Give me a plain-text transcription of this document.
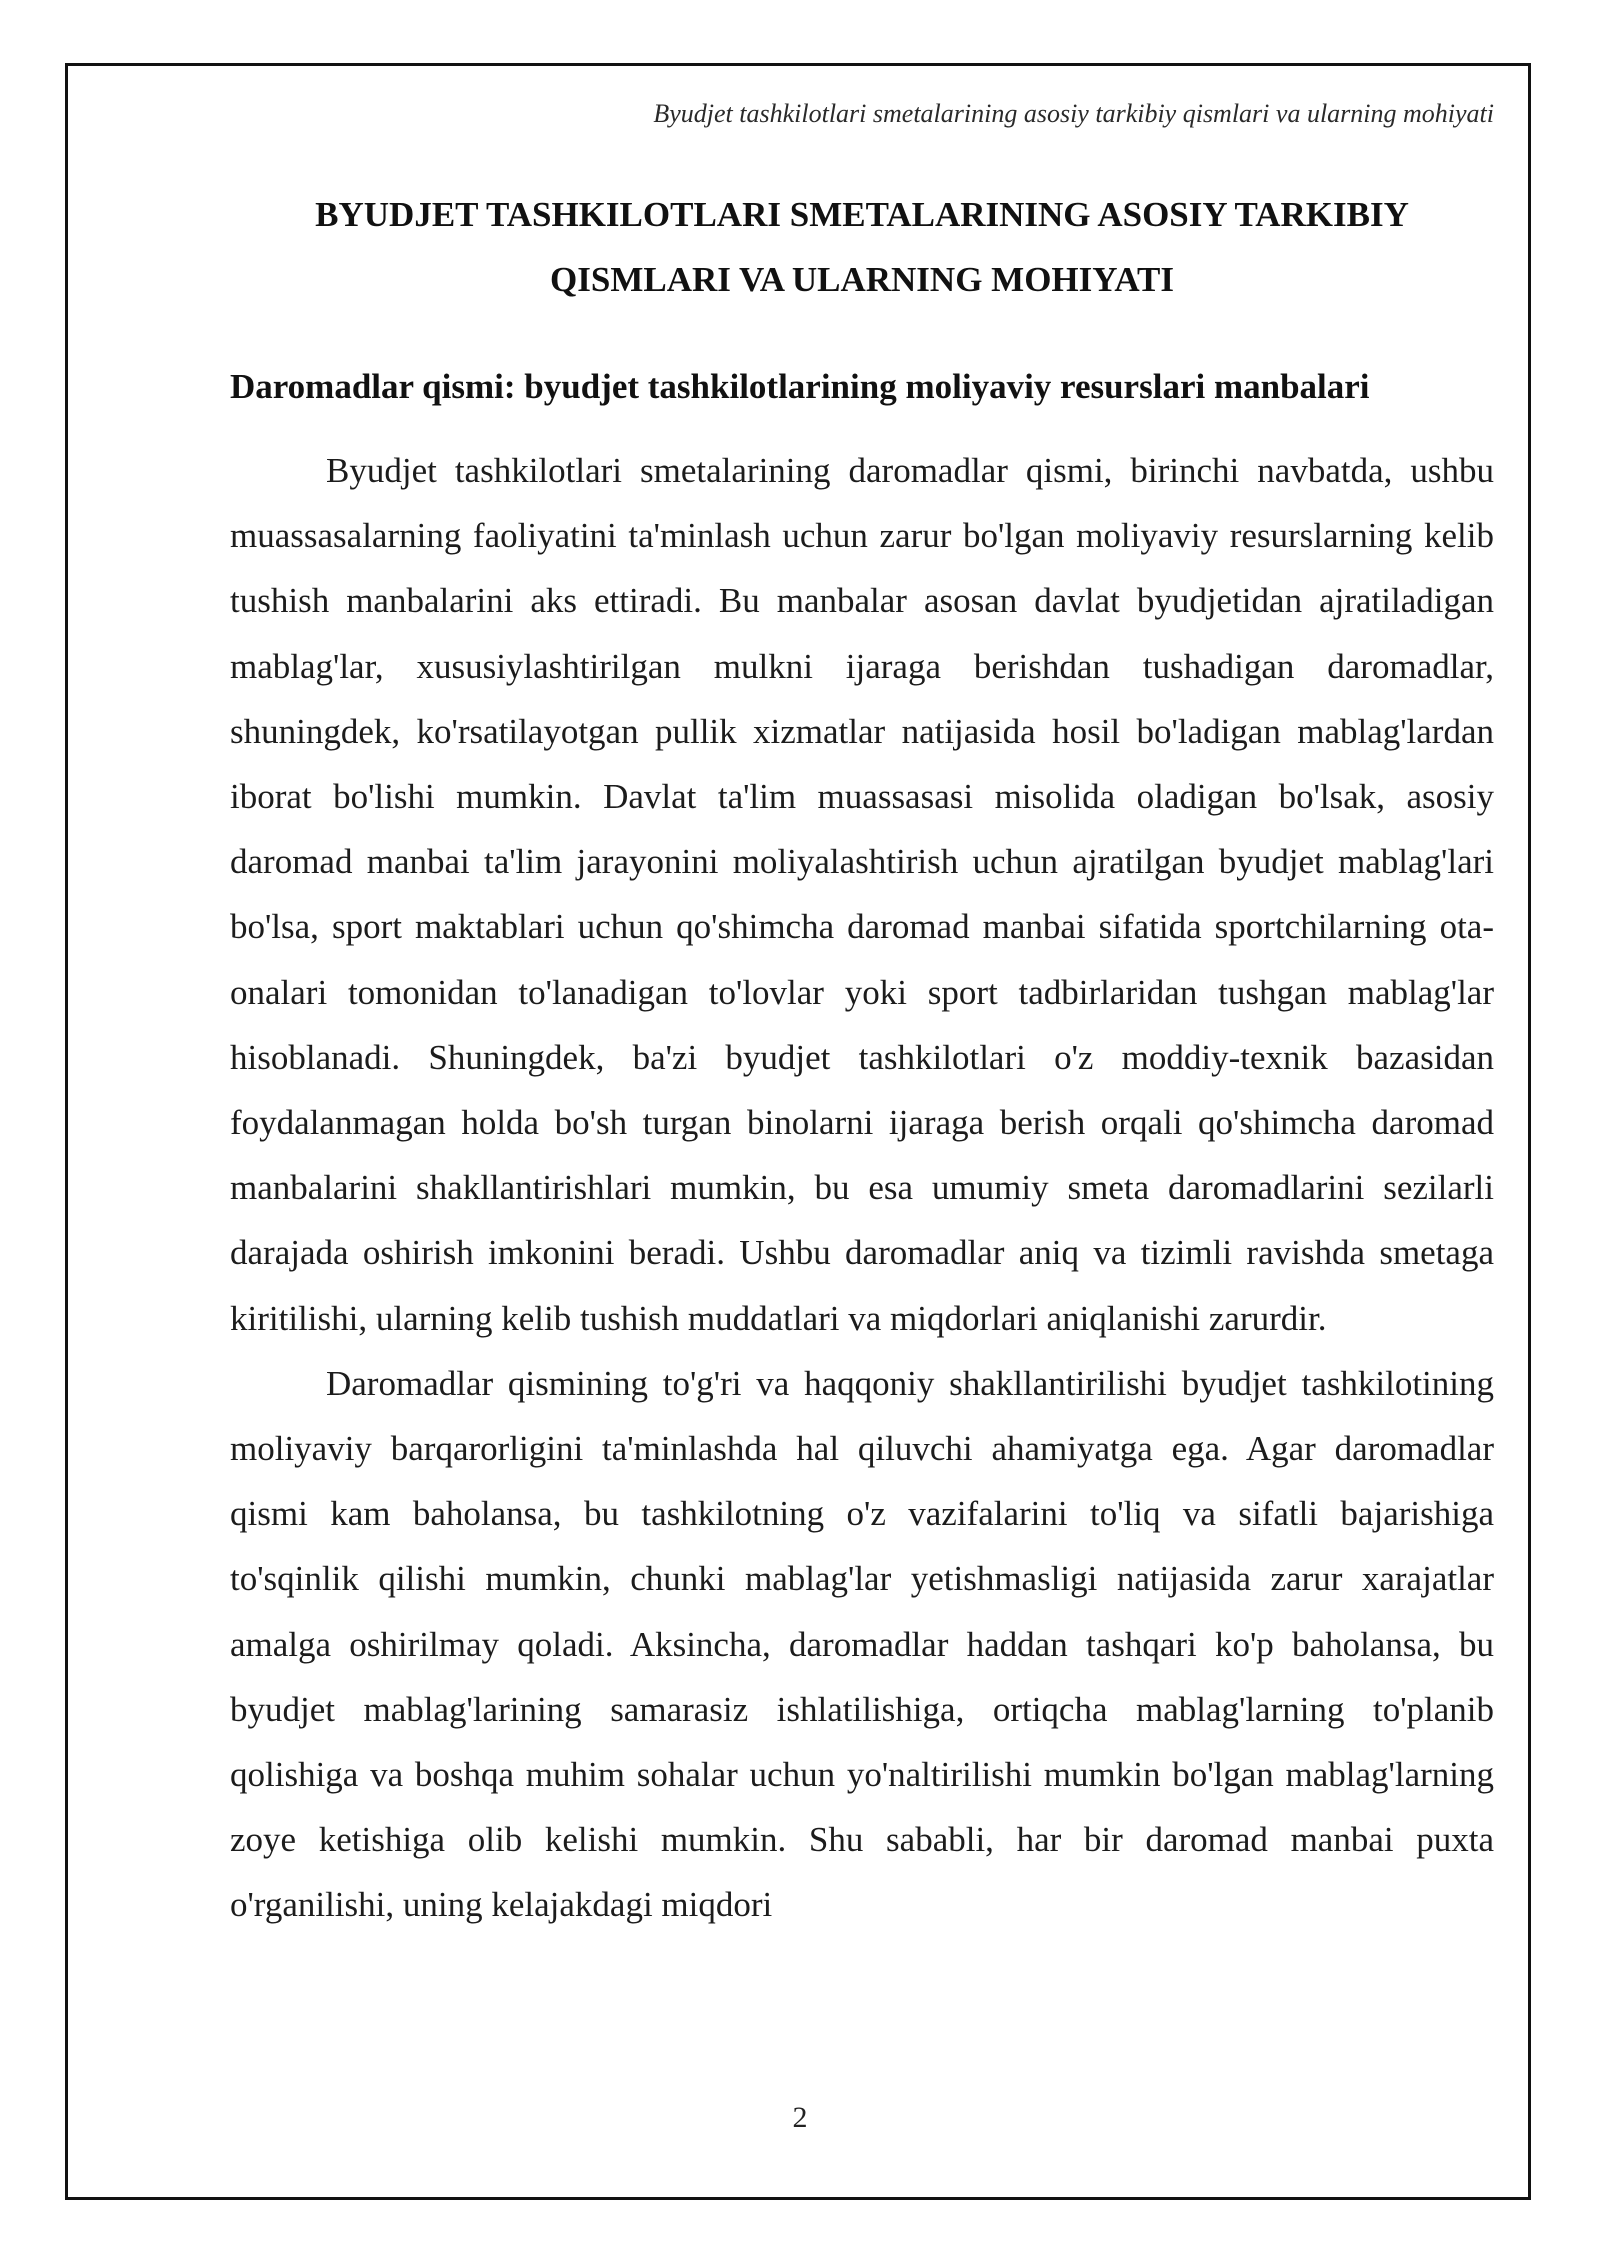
Byudjet tashkilotlari smetalarining asosiy tarkibiy qismlari va ularning mohiyati
BYUDJET TASHKILOTLARI SMETALARINING ASOSIY TARKIBIY
QISMLARI VA ULARNING MOHIYATI
Daromadlar qismi: byudjet tashkilotlarining moliyaviy resurslari manbalari

Byudjet tashkilotlari smetalarining daromadlar qismi, birinchi navbatda, ushbu muassasalarning faoliyatini ta'minlash uchun zarur bo'lgan moliyaviy resurslarning kelib tushish manbalarini aks ettiradi. Bu manbalar asosan davlat byudjetidan ajratiladigan mablag'lar, xususiylashtirilgan mulkni ijaraga berishdan tushadigan daromadlar, shuningdek, ko'rsatilayotgan pullik xizmatlar natijasida hosil bo'ladigan mablag'lardan iborat bo'lishi mumkin. Davlat ta'lim muassasasi misolida oladigan bo'lsak, asosiy daromad manbai ta'lim jarayonini moliyalashtirish uchun ajratilgan byudjet mablag'lari bo'lsa, sport maktablari uchun qo'shimcha daromad manbai sifatida sportchilarning ota-onalari tomonidan to'lanadigan to'lovlar yoki sport tadbirlaridan tushgan mablag'lar hisoblanadi. Shuningdek, ba'zi byudjet tashkilotlari o'z moddiy-texnik bazasidan foydalanmagan holda bo'sh turgan binolarni ijaraga berish orqali qo'shimcha daromad manbalarini shakllantirishlari mumkin, bu esa umumiy smeta daromadlarini sezilarli darajada oshirish imkonini beradi. Ushbu daromadlar aniq va tizimli ravishda smetaga kiritilishi, ularning kelib tushish muddatlari va miqdorlari aniqlanishi zarurdir.

Daromadlar qismining to'g'ri va haqqoniy shakllantirilishi byudjet tashkilotining moliyaviy barqarorligini ta'minlashda hal qiluvchi ahamiyatga ega. Agar daromadlar qismi kam baholansa, bu tashkilotning o'z vazifalarini to'liq va sifatli bajarishiga to'sqinlik qilishi mumkin, chunki mablag'lar yetishmasligi natijasida zarur xarajatlar amalga oshirilmay qoladi. Aksincha, daromadlar haddan tashqari ko'p baholansa, bu byudjet mablag'larining samarasiz ishlatilishiga, ortiqcha mablag'larning to'planib qolishiga va boshqa muhim sohalar uchun yo'naltirilishi mumkin bo'lgan mablag'larning zoye ketishiga olib kelishi mumkin. Shu sababli, har bir daromad manbai puxta o'rganilishi, uning kelajakdagi miqdori

2
